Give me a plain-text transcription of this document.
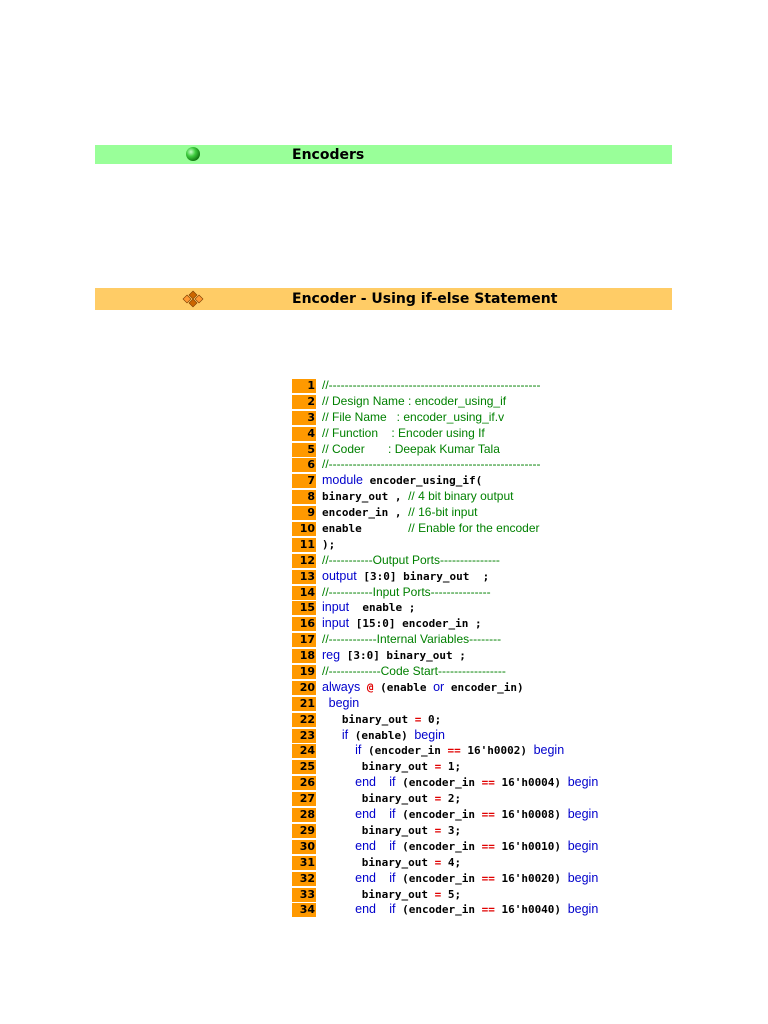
Encoders
Encoder - Using if-else Statement
1 //-----------------------------------------------------
2 // Design Name : encoder_using_if
3 // File Name   : encoder_using_if.v
4 // Function    : Encoder using If
5 // Coder       : Deepak Kumar Tala
6 //-----------------------------------------------------
7 module encoder_using_if(
8 binary_out , // 4 bit binary output
9 encoder_in , // 16-bit input
10 enable       // Enable for the encoder
11 );
12 //-----------Output Ports---------------
13 output [3:0] binary_out  ;
14 //-----------Input Ports---------------
15 input  enable ;
16 input [15:0] encoder_in ;
17 //------------Internal Variables--------
18 reg [3:0] binary_out ;
19 //-------------Code Start-----------------
20 always @ (enable or encoder_in)
21	begin
22 binary_out = 0;
23	if (enable) begin
24	if (encoder_in == 16'h0002) begin
25 binary_out = 1;
26	end if (encoder_in == 16'h0004) begin
27 binary_out = 2;
28	end if (encoder_in == 16'h0008) begin
29 binary_out = 3;
30	end if (encoder_in == 16'h0010) begin
31 binary_out = 4;
32	end if (encoder_in == 16'h0020) begin
33 binary_out = 5;
34	end if (encoder_in == 16'h0040) begin
